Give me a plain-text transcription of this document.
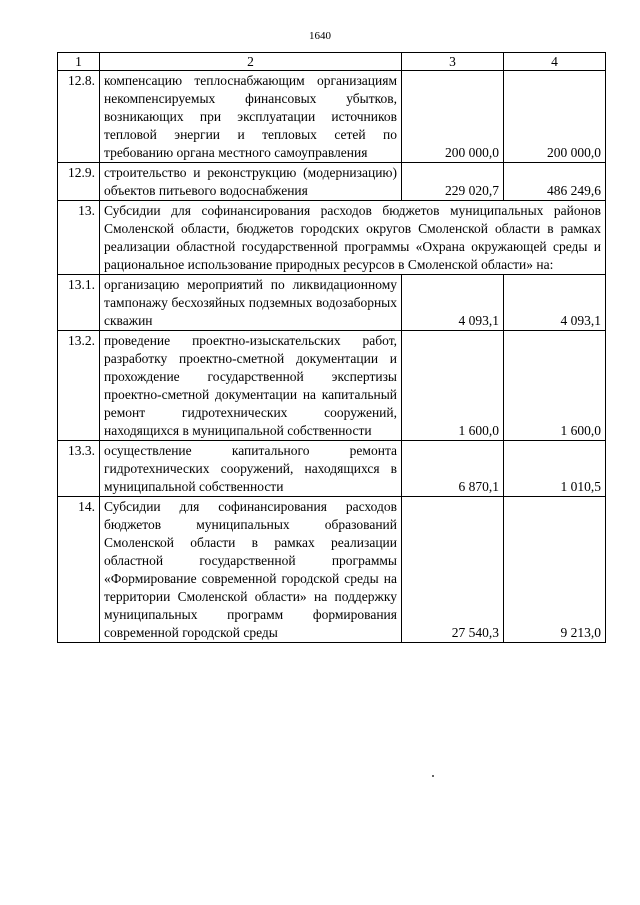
1640
1	2	3	4
12.8.	компенсацию теплоснабжающим организациям некомпенсируемых финансовых убытков, возникающих при эксплуатации источников тепловой энергии и тепловых сетей по требованию органа местного самоуправления	200 000,0	200 000,0
12.9.	строительство и реконструкцию (модернизацию) объектов питьевого водоснабжения	229 020,7	486 249,6
13.	Субсидии для софинансирования расходов бюджетов муниципальных районов Смоленской области, бюджетов городских округов Смоленской области в рамках реализации областной государственной программы «Охрана окружающей среды и рациональное использование природных ресурсов в Смоленской области» на:		
13.1.	организацию мероприятий по ликвидационному тампонажу бесхозяйных подземных водозаборных скважин	4 093,1	4 093,1
13.2.	проведение проектно-изыскательских работ, разработку проектно-сметной документации и прохождение государственной экспертизы проектно-сметной документации на капитальный ремонт гидротехнических сооружений, находящихся в муниципальной собственности	1 600,0	1 600,0
13.3.	осуществление капитального ремонта гидротехнических сооружений, находящихся в муниципальной собственности	6 870,1	1 010,5
14.	Субсидии для софинансирования расходов бюджетов муниципальных образований Смоленской области в рамках реализации областной государственной программы «Формирование современной городской среды на территории Смоленской области» на поддержку муниципальных программ формирования современной городской среды	27 540,3	9 213,0
